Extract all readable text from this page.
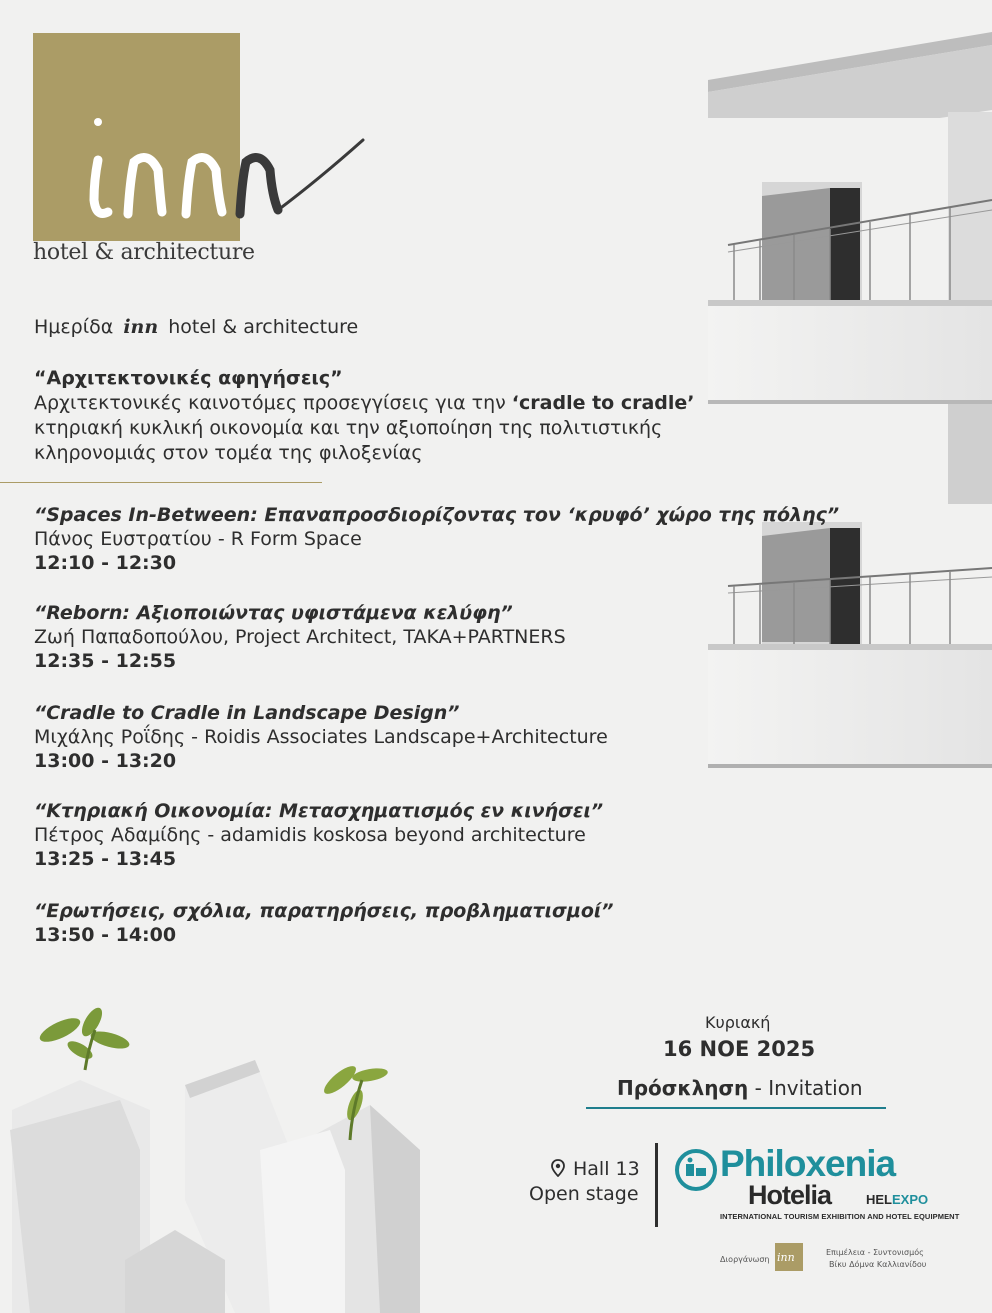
hotel & architecture
Ημερίδα inn hotel & architecture
“Αρχιτεκτονικές αφηγήσεις”
Αρχιτεκτονικές καινοτόμες προσεγγίσεις για την ‘cradle to cradle’
κτηριακή κυκλική οικονομία και την αξιοποίηση της πολιτιστικής
κληρονομιάς στον τομέα της φιλοξενίας
“Spaces In-Between: Επαναπροσδιορίζοντας τον ‘κρυφό’ χώρο της πόλης”
Πάνος Ευστρατίου - R Form Space
12:10 - 12:30
“Reborn: Αξιοποιώντας υφιστάμενα κελύφη”
Ζωή Παπαδοπούλου, Project Architect, TAKA+PARTNERS
12:35 - 12:55
“Cradle to Cradle in Landscape Design”
Μιχάλης Ροΐδης - Roidis Associates Landscape+Architecture
13:00 - 13:20
“Κτηριακή Οικονομία: Μετασχηματισμός εν κινήσει”
Πέτρος Αδαμίδης - adamidis koskosa beyond architecture
13:25 - 13:45
“Ερωτήσεις, σχόλια, παρατηρήσεις, προβληματισμοί”
13:50 - 14:00
Κυριακή
16 ΝΟΕ 2025
Πρόσκληση - Invitation
Hall 13
Open stage
Philoxenia
Hotelia	HELEXPO
INTERNATIONAL TOURISM EXHIBITION AND HOTEL EQUIPMENT
Διοργάνωση inn	Επιμέλεια - Συντονισμός
Βίκυ Δόμνα Καλλιανίδου
